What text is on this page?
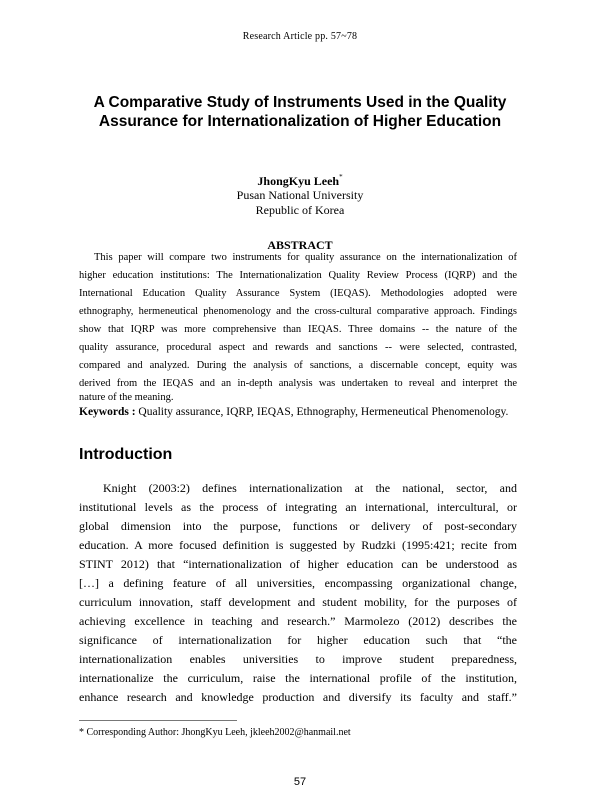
Research Article pp. 57~78
A Comparative Study of Instruments Used in the Quality
Assurance for Internationalization of Higher Education
JhongKyu Leeh*
Pusan National University
Republic of Korea
ABSTRACT
This paper will compare two instruments for quality assurance on the internationalization of
higher education institutions: The Internationalization Quality Review Process (IQRP) and the
International Education Quality Assurance System (IEQAS). Methodologies adopted were
ethnography, hermeneutical phenomenology and the cross-cultural comparative approach. Findings
show that IQRP was more comprehensive than IEQAS. Three domains -- the nature of the
quality assurance, procedural aspect and rewards and sanctions -- were selected, contrasted,
compared and analyzed. During the analysis of sanctions, a discernable concept, equity was
derived from the IEQAS and an in-depth analysis was undertaken to reveal and interpret the
nature of the meaning.
Keywords : Quality assurance, IQRP, IEQAS, Ethnography, Hermeneutical Phenomenology.
Introduction
Knight (2003:2) defines internationalization at the national, sector, and
institutional levels as the process of integrating an international, intercultural, or
global dimension into the purpose, functions or delivery of post-secondary
education. A more focused definition is suggested by Rudzki (1995:421; recite from
STINT 2012) that “internationalization of higher education can be understood as
[…] a defining feature of all universities, encompassing organizational change,
curriculum innovation, staff development and student mobility, for the purposes of
achieving excellence in teaching and research.” Marmolezo (2012) describes the
significance of internationalization for higher education such that “the
internationalization enables universities to improve student preparedness,
internationalize the curriculum, raise the international profile of the institution,
enhance research and knowledge production and diversify its faculty and staff.”
* Corresponding Author: JhongKyu Leeh, jkleeh2002@hanmail.net
57
